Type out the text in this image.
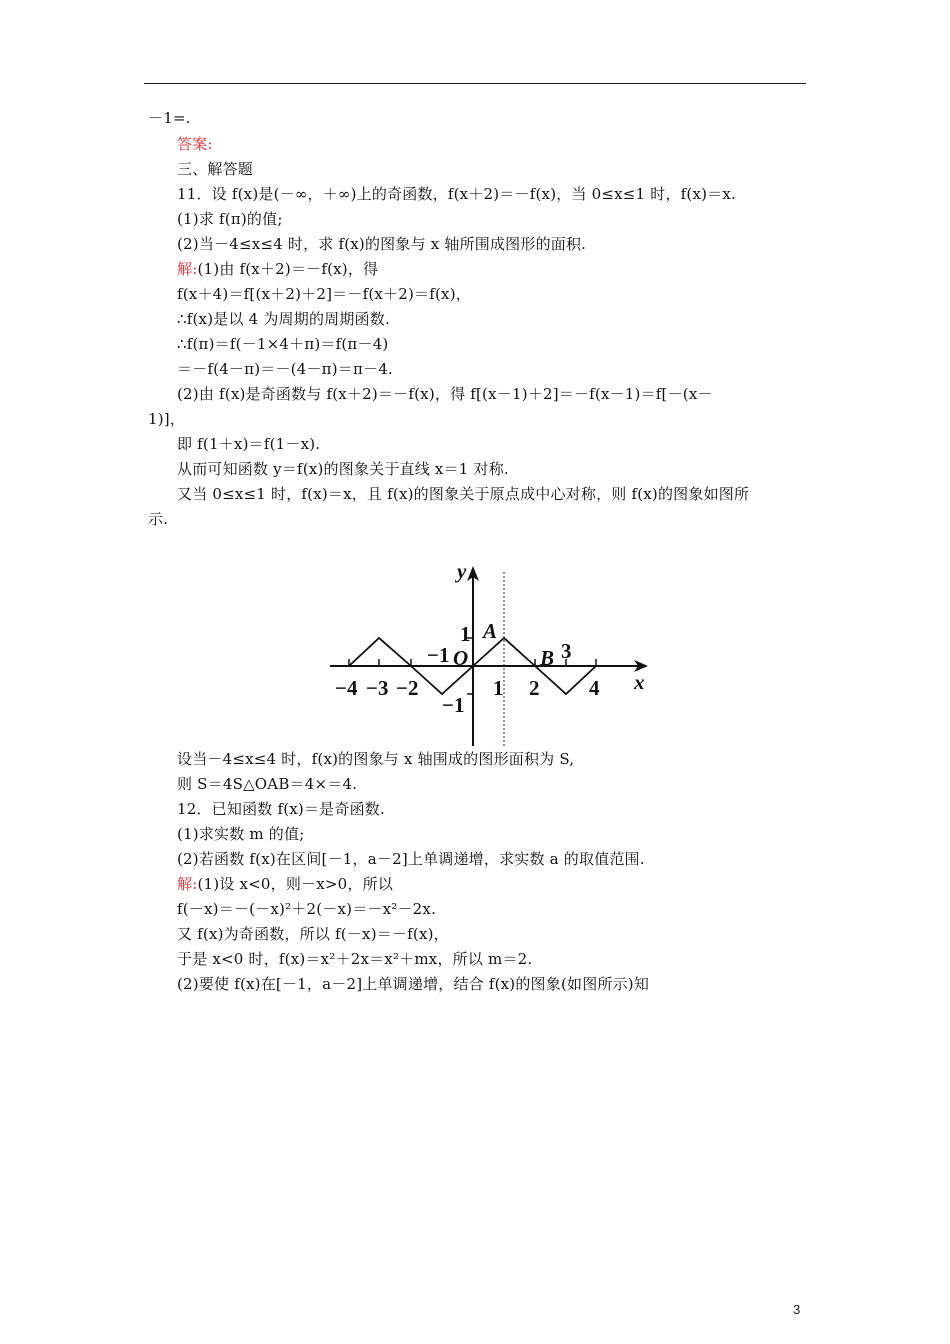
－1=.
答案:
三、解答题
11．设 f(x)是(－∞，＋∞)上的奇函数，f(x＋2)＝－f(x)，当 0≤x≤1 时，f(x)＝x.
(1)求 f(π)的值;
(2)当－4≤x≤4 时，求 f(x)的图象与 x 轴所围成图形的面积.
解:(1)由 f(x＋2)＝－f(x)，得
f(x＋4)＝f[(x＋2)＋2]＝－f(x＋2)＝f(x)，
∴f(x)是以 4 为周期的周期函数.
∴f(π)＝f(－1×4＋π)＝f(π－4)
＝－f(4－π)＝－(4－π)＝π－4.
(2)由 f(x)是奇函数与 f(x＋2)＝－f(x)，得 f[(x－1)＋2]＝－f(x－1)＝f[－(x－
1)]，
即 f(1＋x)＝f(1－x).
从而可知函数 y＝f(x)的图象关于直线 x＝1 对称.
又当 0≤x≤1 时，f(x)＝x，且 f(x)的图象关于原点成中心对称，则 f(x)的图象如图所
示.
设当－4≤x≤4 时，f(x)的图象与 x 轴围成的图形面积为 S,
则 S＝4S△OAB＝4×＝4.
12．已知函数 f(x)＝是奇函数.
(1)求实数 m 的值;
(2)若函数 f(x)在区间[－1，a－2]上单调递增，求实数 a 的取值范围.
解:(1)设 x<0，则－x>0，所以
f(－x)＝－(－x)²＋2(－x)＝－x²－2x.
又 f(x)为奇函数，所以 f(－x)＝－f(x)，
于是 x<0 时，f(x)＝x²＋2x＝x²＋mx，所以 m＝2.
(2)要使 f(x)在[－1，a－2]上单调递增，结合 f(x)的图象(如图所示)知
y
x
O
A
B
−4 −3 −2
−1
1 2
3
4
1
−1
3
